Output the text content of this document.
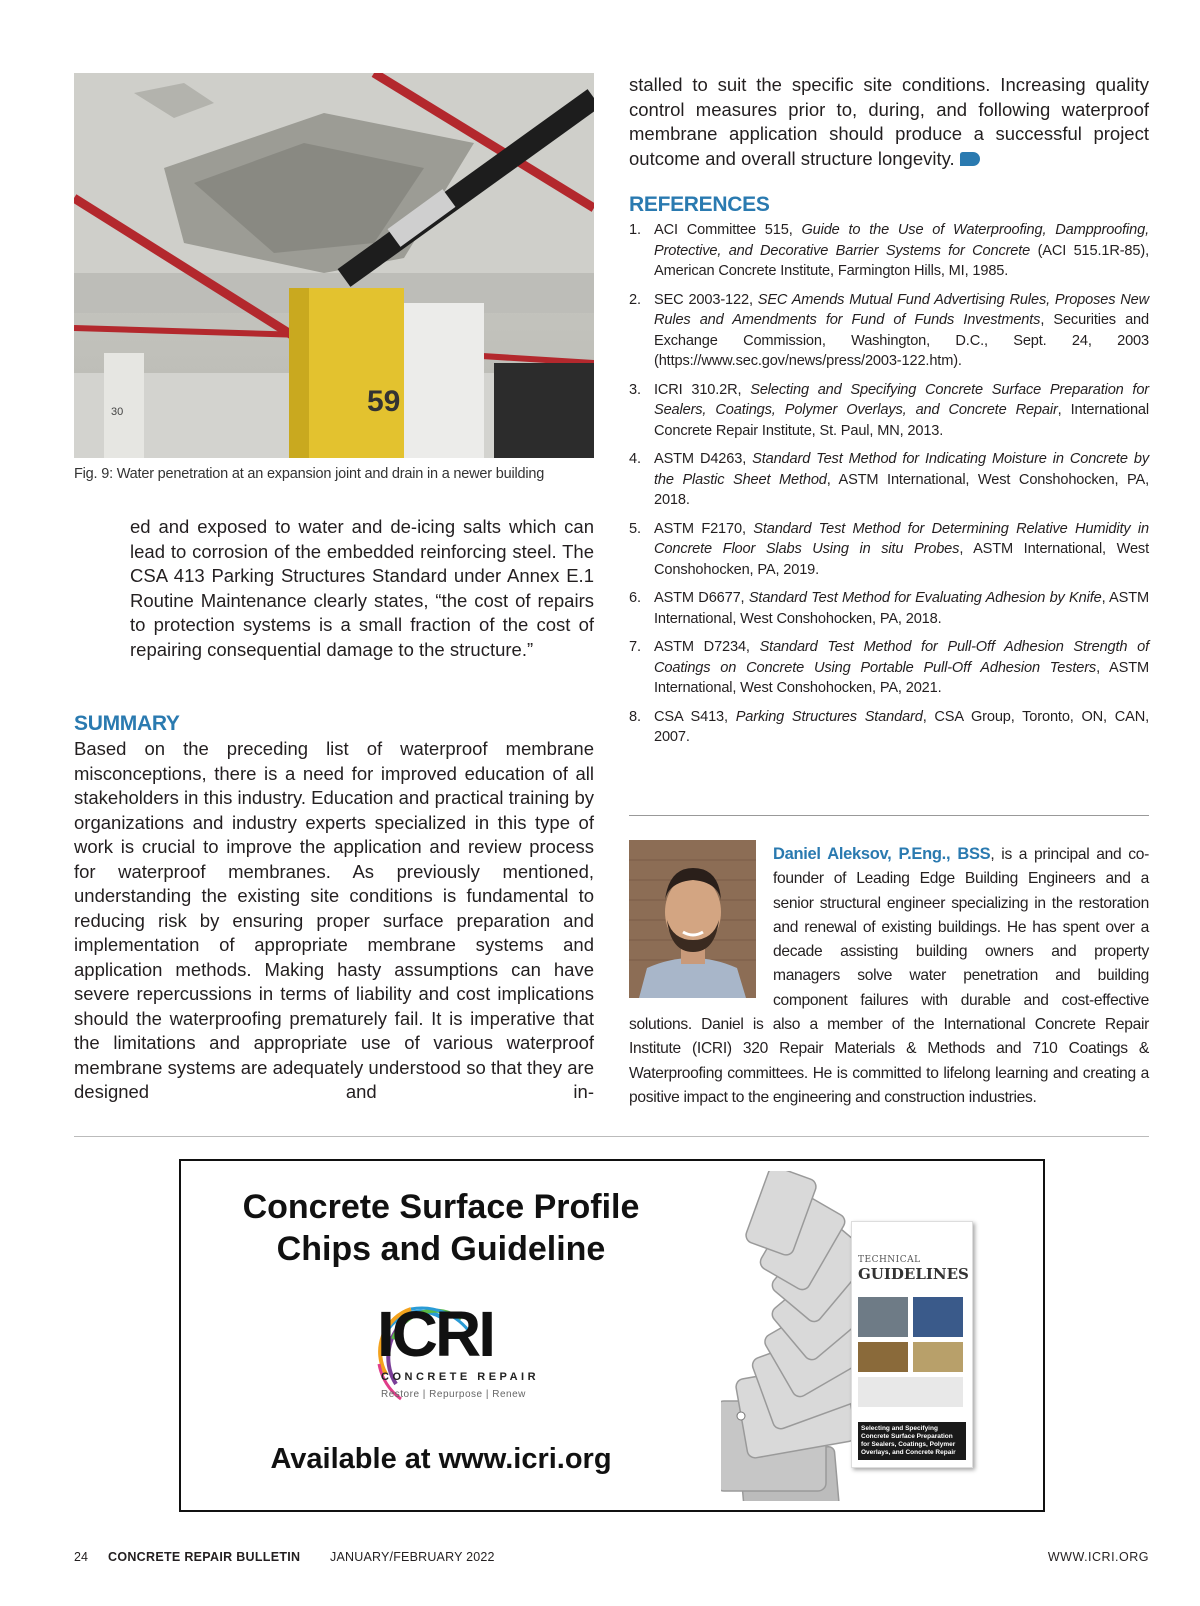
59
30
Fig. 9: Water penetration at an expansion joint and drain in a newer building

ed and exposed to water and de-icing salts which can lead to corrosion of the embedded reinforcing steel. The CSA 413 Parking Structures Standard under Annex E.1 Routine Maintenance clearly states, “the cost of repairs to protection systems is a small fraction of the cost of repairing consequential damage to the structure.”

SUMMARY

Based on the preceding list of waterproof membrane misconceptions, there is a need for improved education of all stakeholders in this industry. Education and practical training by organizations and industry experts specialized in this type of work is crucial to improve the application and review process for waterproof membranes. As previously mentioned, understanding the existing site conditions is fundamental to reducing risk by ensuring proper surface preparation and implementation of appropriate membrane systems and application methods. Making hasty assumptions can have severe repercussions in terms of liability and cost implications should the waterproofing prematurely fail. It is imperative that the limitations and appropriate use of various waterproof membrane systems are adequately understood so that they are designed and in-

stalled to suit the specific site conditions. Increasing quality control measures prior to, during, and following waterproof membrane application should produce a successful project outcome and overall structure longevity.

REFERENCES
1. ACI Committee 515, Guide to the Use of Waterproofing, Dampproofing, Protective, and Decorative Barrier Systems for Concrete (ACI 515.1R-85), American Concrete Institute, Farmington Hills, MI, 1985.
2. SEC 2003-122, SEC Amends Mutual Fund Advertising Rules, Proposes New Rules and Amendments for Fund of Funds Investments, Securities and Exchange Commission, Washington, D.C., Sept. 24, 2003 (https://www.sec.gov/news/press/2003-122.htm).
3. ICRI 310.2R, Selecting and Specifying Concrete Surface Preparation for Sealers, Coatings, Polymer Overlays, and Concrete Repair, International Concrete Repair Institute, St. Paul, MN, 2013.
4. ASTM D4263, Standard Test Method for Indicating Moisture in Concrete by the Plastic Sheet Method, ASTM International, West Conshohocken, PA, 2018.
5. ASTM F2170, Standard Test Method for Determining Relative Humidity in Concrete Floor Slabs Using in situ Probes, ASTM International, West Conshohocken, PA, 2019.
6. ASTM D6677, Standard Test Method for Evaluating Adhesion by Knife, ASTM International, West Conshohocken, PA, 2018.
7. ASTM D7234, Standard Test Method for Pull-Off Adhesion Strength of Coatings on Concrete Using Portable Pull-Off Adhesion Testers, ASTM International, West Conshohocken, PA, 2021.
8. CSA S413, Parking Structures Standard, CSA Group, Toronto, ON, CAN, 2007.

Daniel Aleksov, P.Eng., BSS, is a principal and co-founder of Leading Edge Building Engineers and a senior structural engineer specializing in the restoration and renewal of existing buildings. He has spent over a decade assisting building owners and property managers solve water penetration and building component failures with durable and cost-effective solutions. Daniel is also a member of the International Concrete Repair Institute (ICRI) 320 Repair Materials & Methods and 710 Coatings & Waterproofing committees. He is committed to lifelong learning and creating a positive impact to the engineering and construction industries.

Concrete Surface Profile
Chips and Guideline
ICRI
CONCRETE REPAIR
Restore | Repurpose | Renew
Available at www.icri.org
TECHNICAL
GUIDELINES
Selecting and Specifying Concrete Surface Preparation for Sealers, Coatings, Polymer Overlays, and Concrete Repair
24 CONCRETE REPAIR BULLETIN JANUARY/FEBRUARY 2022	WWW.ICRI.ORG
